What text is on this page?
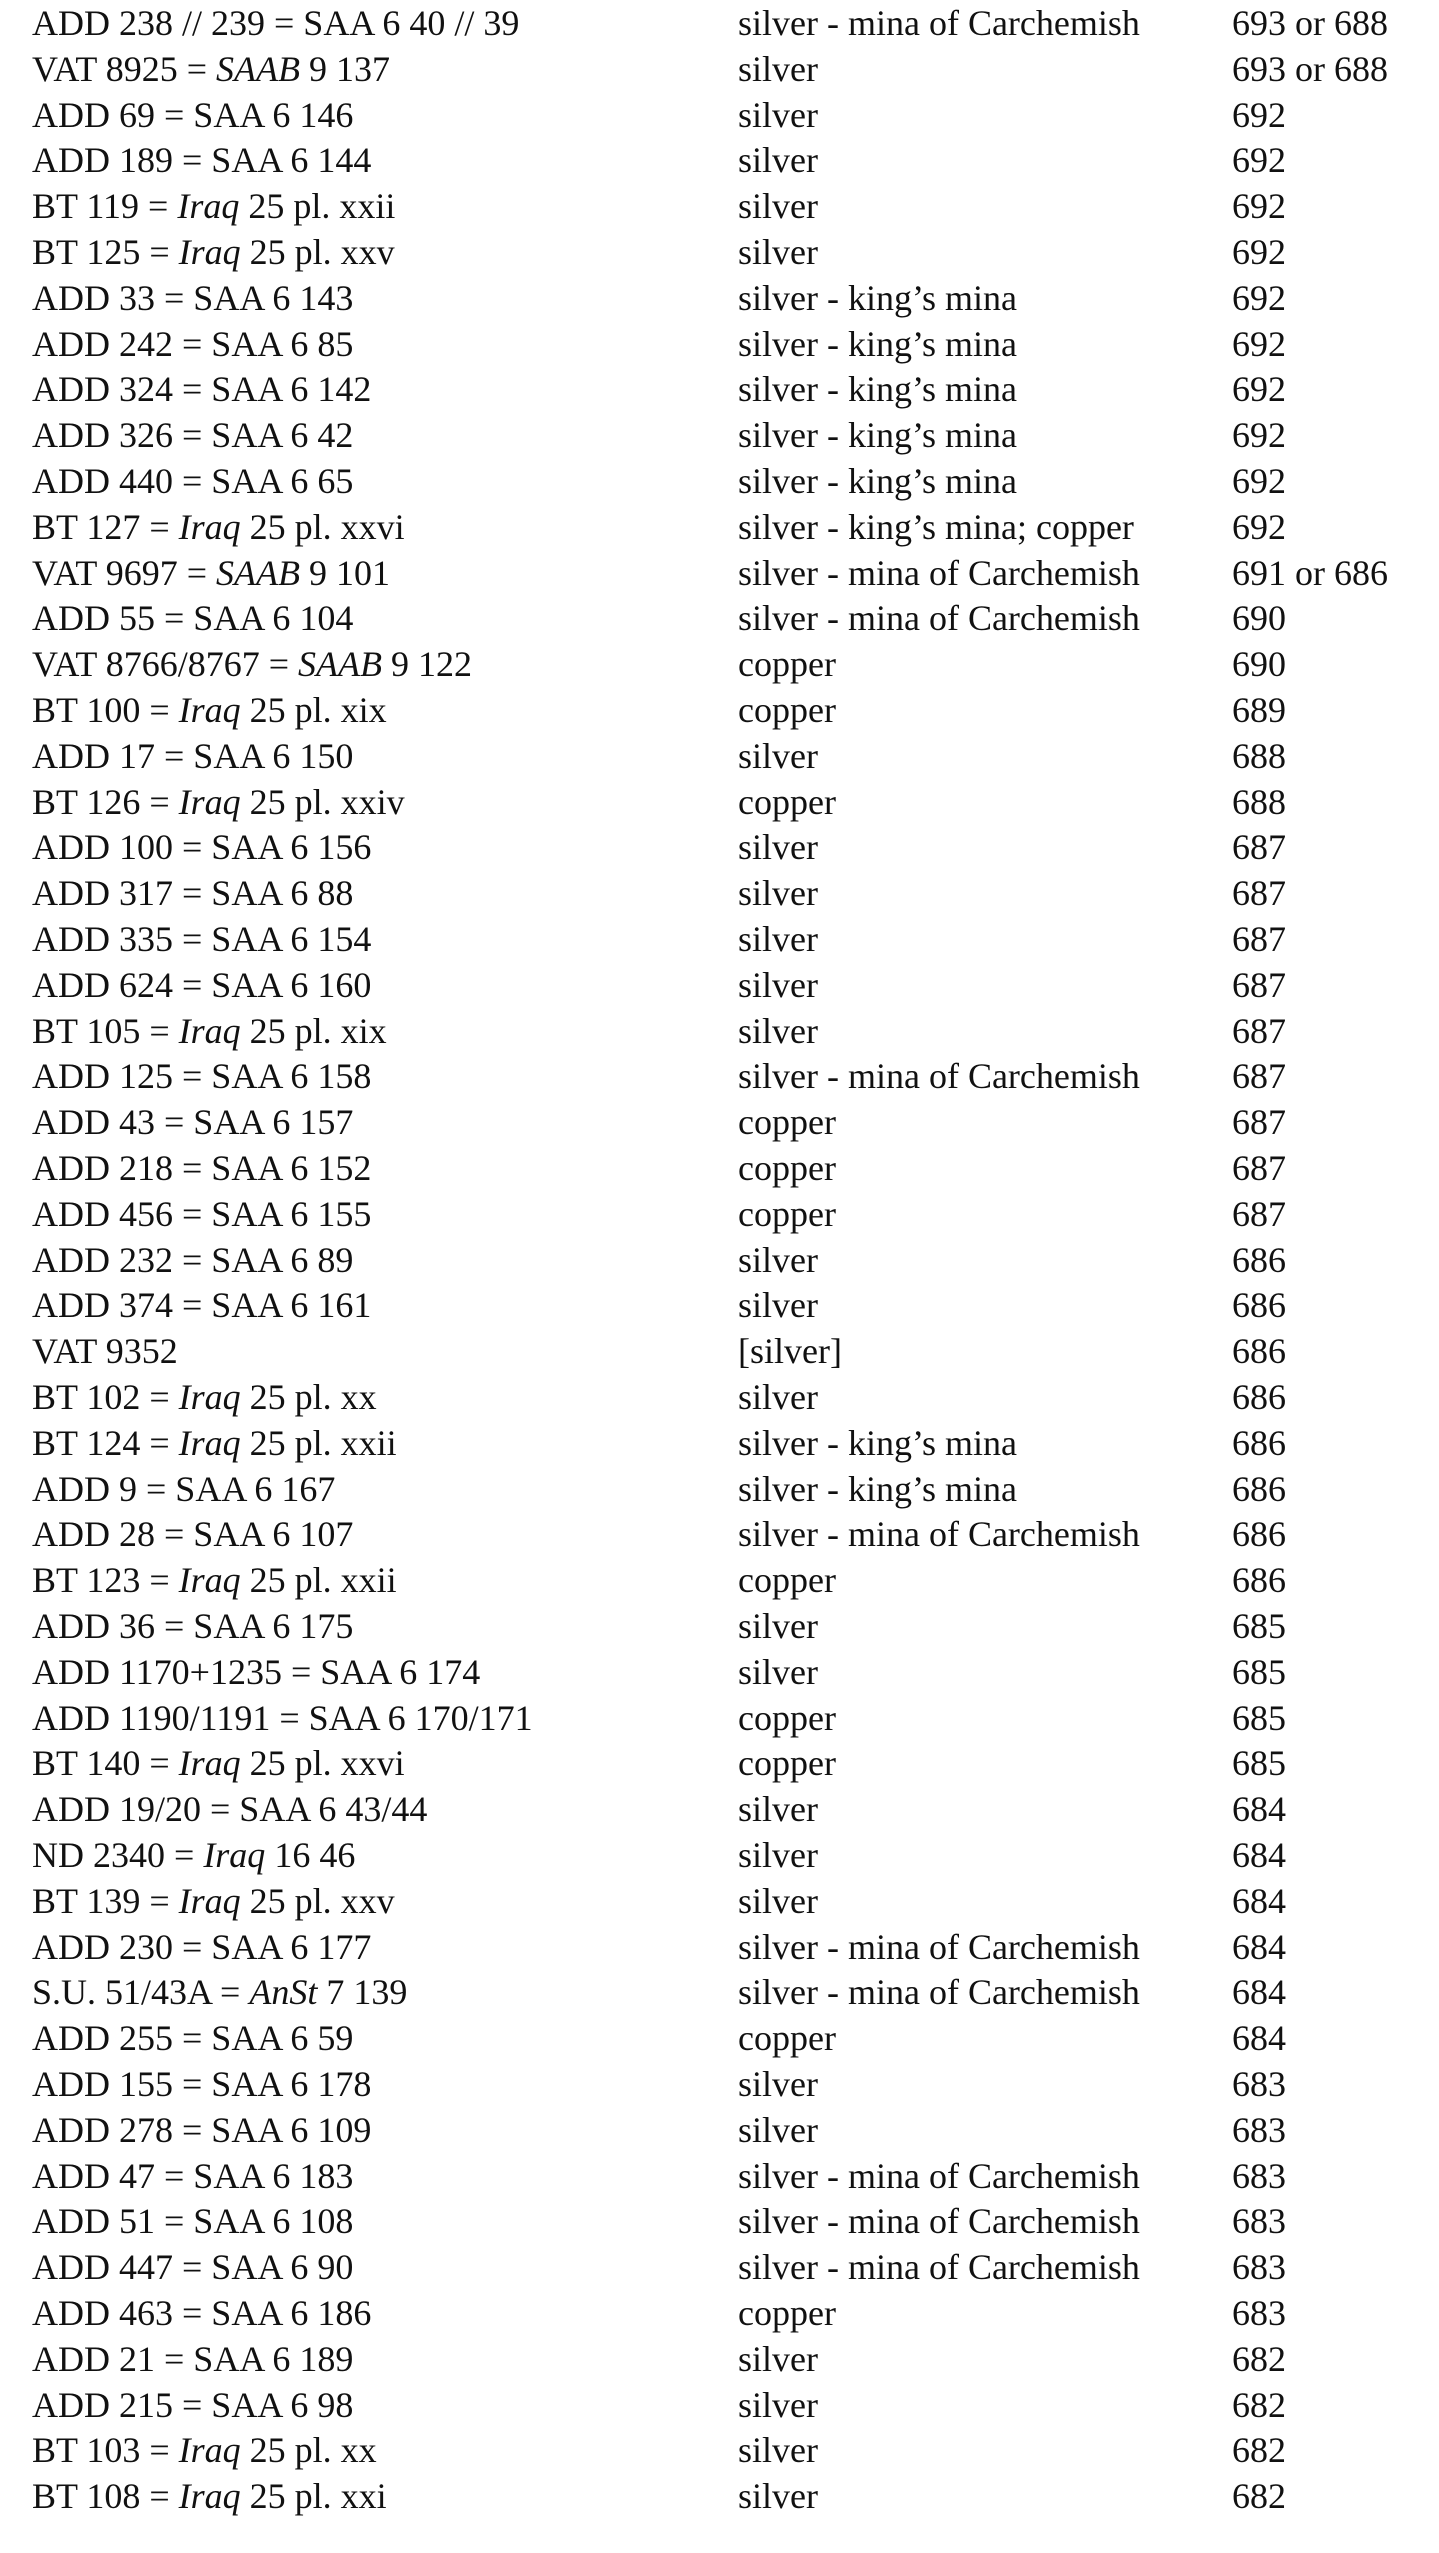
ADD 238 // 239 = SAA 6 40 // 39	silver - mina of Carchemish	693 or 688
VAT 8925 = SAAB 9 137	silver	693 or 688
ADD 69 = SAA 6 146	silver	692
ADD 189 = SAA 6 144	silver	692
BT 119 = Iraq 25 pl. xxii	silver	692
BT 125 = Iraq 25 pl. xxv	silver	692
ADD 33 = SAA 6 143	silver - king’s mina	692
ADD 242 = SAA 6 85	silver - king’s mina	692
ADD 324 = SAA 6 142	silver - king’s mina	692
ADD 326 = SAA 6 42	silver - king’s mina	692
ADD 440 = SAA 6 65	silver - king’s mina	692
BT 127 = Iraq 25 pl. xxvi	silver - king’s mina; copper	692
VAT 9697 = SAAB 9 101	silver - mina of Carchemish	691 or 686
ADD 55 = SAA 6 104	silver - mina of Carchemish	690
VAT 8766/8767 = SAAB 9 122	copper	690
BT 100 = Iraq 25 pl. xix	copper	689
ADD 17 = SAA 6 150	silver	688
BT 126 = Iraq 25 pl. xxiv	copper	688
ADD 100 = SAA 6 156	silver	687
ADD 317 = SAA 6 88	silver	687
ADD 335 = SAA 6 154	silver	687
ADD 624 = SAA 6 160	silver	687
BT 105 = Iraq 25 pl. xix	silver	687
ADD 125 = SAA 6 158	silver - mina of Carchemish	687
ADD 43 = SAA 6 157	copper	687
ADD 218 = SAA 6 152	copper	687
ADD 456 = SAA 6 155	copper	687
ADD 232 = SAA 6 89	silver	686
ADD 374 = SAA 6 161	silver	686
VAT 9352	[silver]	686
BT 102 = Iraq 25 pl. xx	silver	686
BT 124 = Iraq 25 pl. xxii	silver - king’s mina	686
ADD 9 = SAA 6 167	silver - king’s mina	686
ADD 28 = SAA 6 107	silver - mina of Carchemish	686
BT 123 = Iraq 25 pl. xxii	copper	686
ADD 36 = SAA 6 175	silver	685
ADD 1170+1235 = SAA 6 174	silver	685
ADD 1190/1191 = SAA 6 170/171	copper	685
BT 140 = Iraq 25 pl. xxvi	copper	685
ADD 19/20 = SAA 6 43/44	silver	684
ND 2340 = Iraq 16 46	silver	684
BT 139 = Iraq 25 pl. xxv	silver	684
ADD 230 = SAA 6 177	silver - mina of Carchemish	684
S.U. 51/43A = AnSt 7 139	silver - mina of Carchemish	684
ADD 255 = SAA 6 59	copper	684
ADD 155 = SAA 6 178	silver	683
ADD 278 = SAA 6 109	silver	683
ADD 47 = SAA 6 183	silver - mina of Carchemish	683
ADD 51 = SAA 6 108	silver - mina of Carchemish	683
ADD 447 = SAA 6 90	silver - mina of Carchemish	683
ADD 463 = SAA 6 186	copper	683
ADD 21 = SAA 6 189	silver	682
ADD 215 = SAA 6 98	silver	682
BT 103 = Iraq 25 pl. xx	silver	682
BT 108 = Iraq 25 pl. xxi	silver	682
